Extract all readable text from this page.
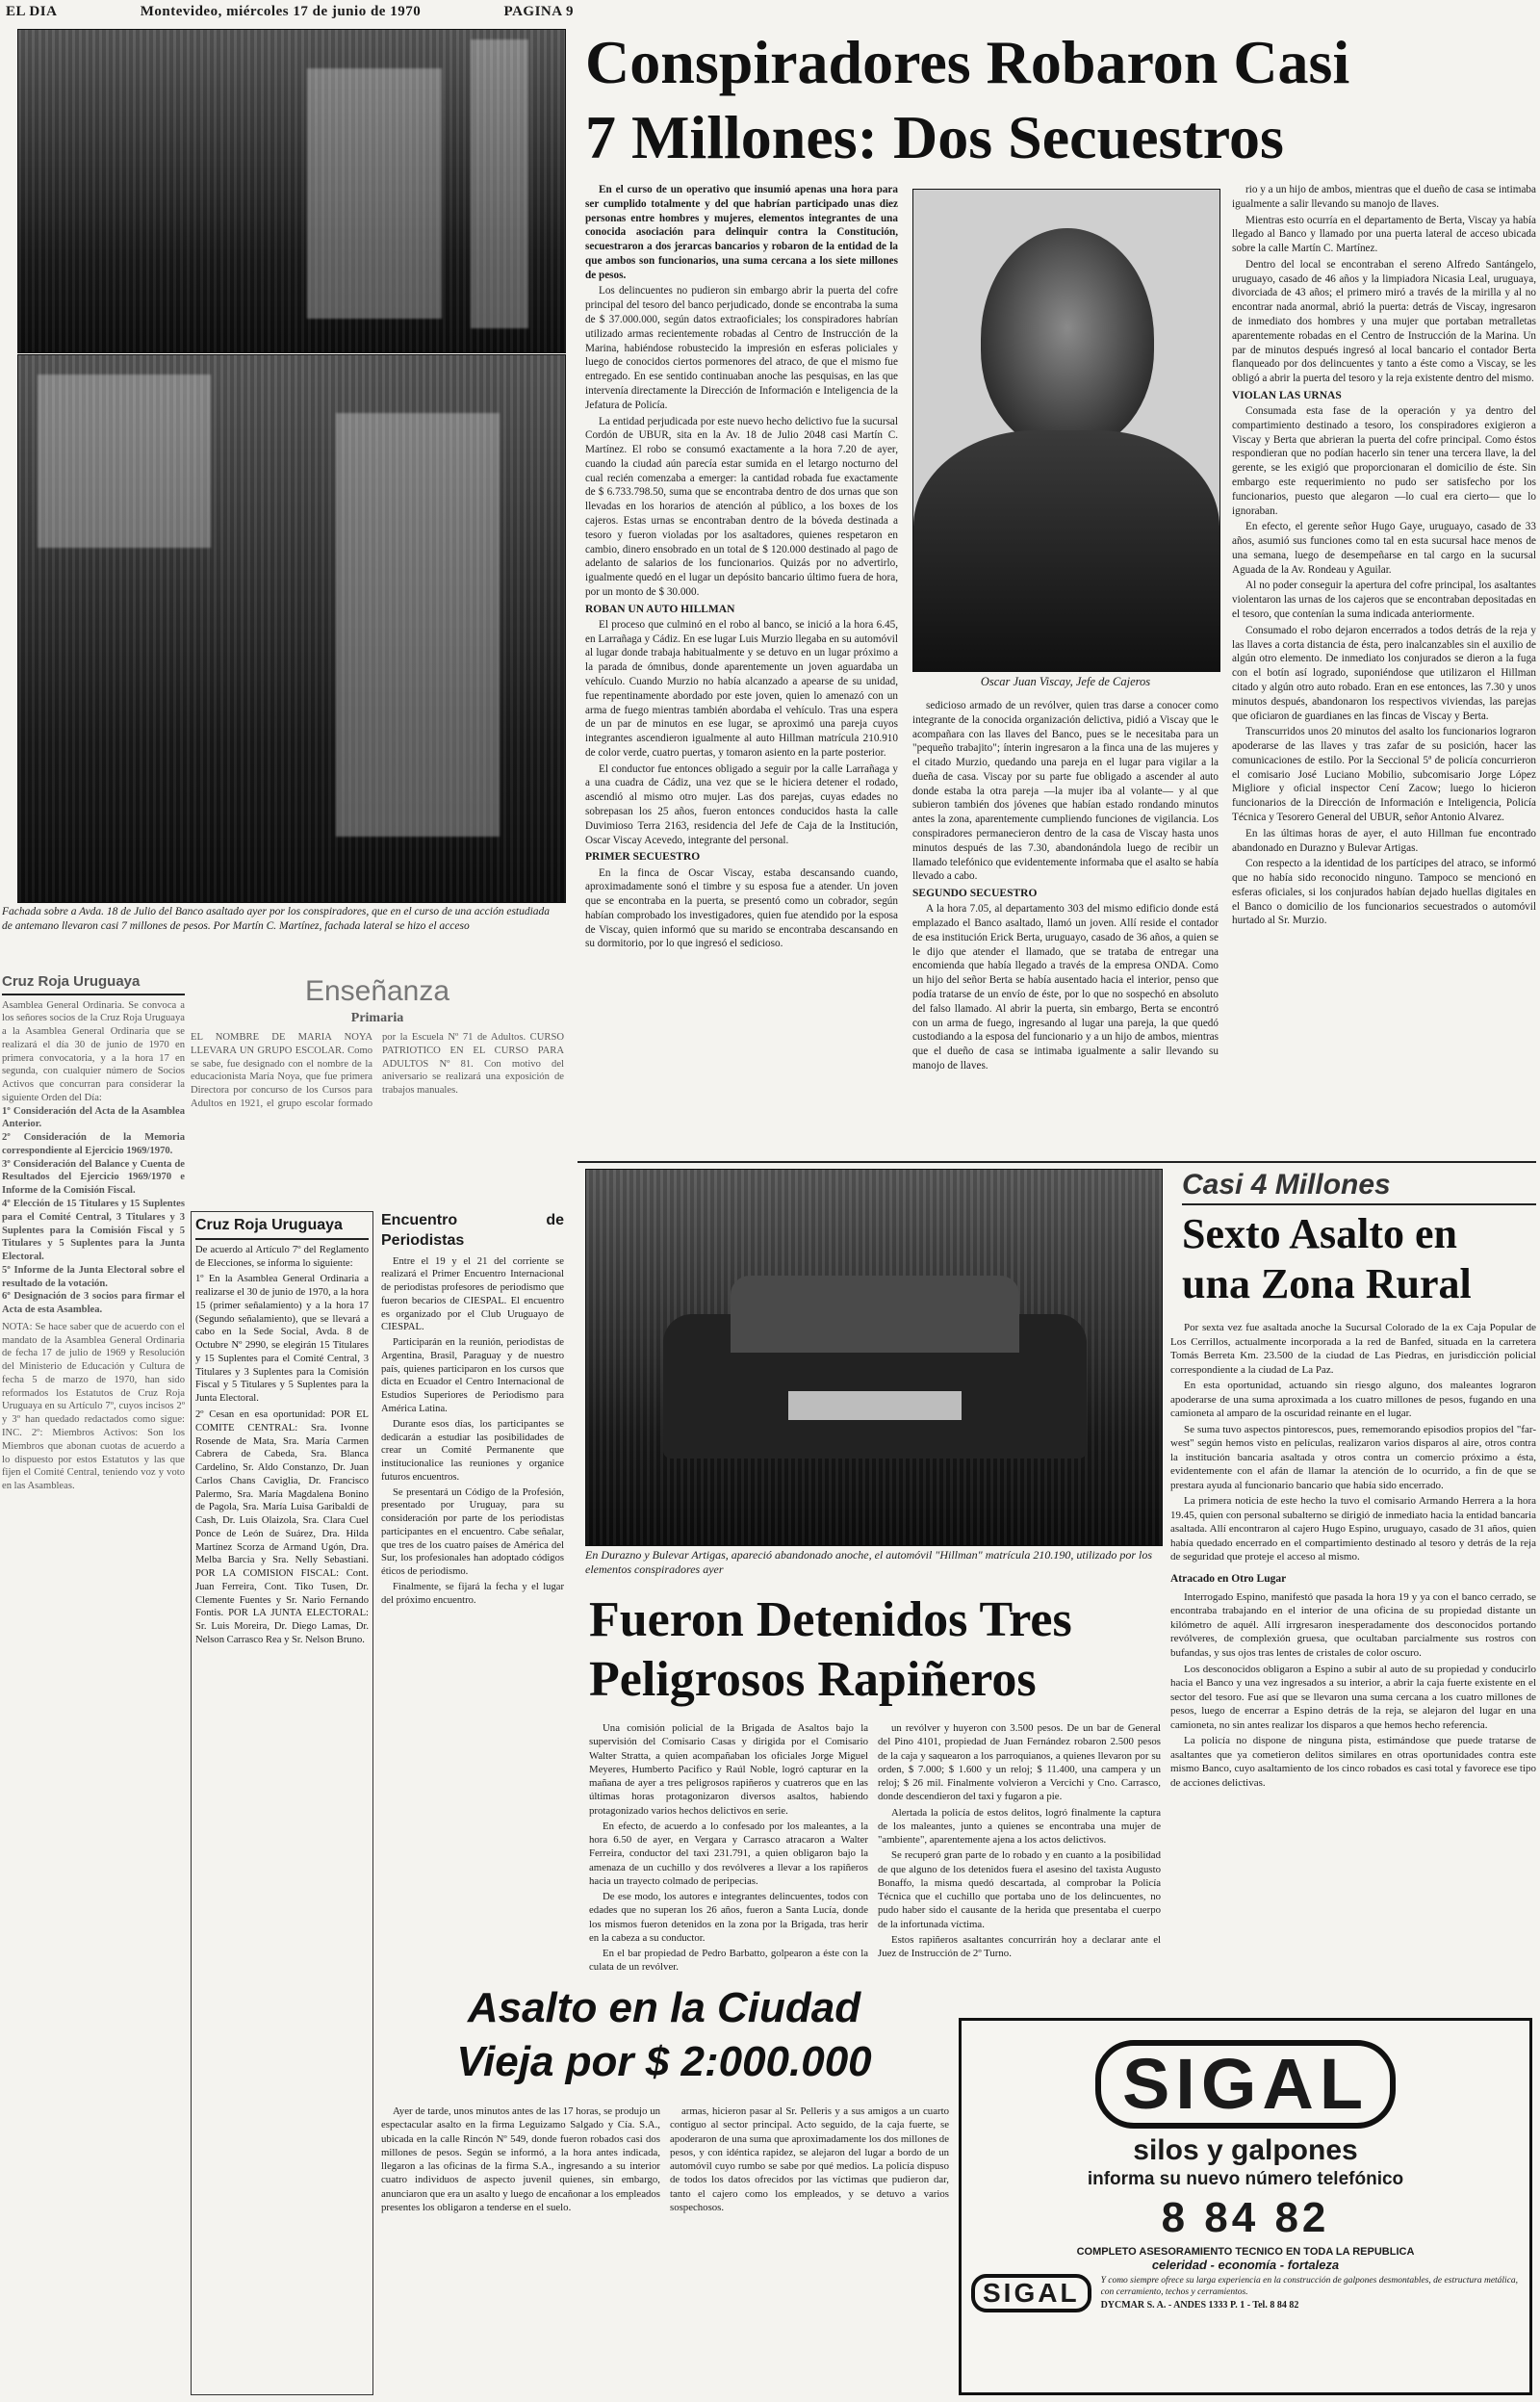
EL DIA	Montevideo, miércoles 17 de junio de 1970	PAGINA 9
Fachada sobre a Avda. 18 de Julio del Banco asaltado ayer por los conspiradores, que en el curso de una acción estudiada de antemano llevaron casi 7 millones de pesos. Por Martín C. Martínez, fachada lateral se hizo el acceso
Cruz Roja Uruguaya
Asamblea General Ordinaria. Se convoca a los señores socios de la Cruz Roja Uruguaya a la Asamblea General Ordinaria que se realizará el día 30 de junio de 1970 en primera convocatoria, y a la hora 17 en segunda, con cualquier número de Socios Activos que concurran para considerar la siguiente Orden del Día:
1º Consideración del Acta de la Asamblea Anterior.
2º Consideración de la Memoria correspondiente al Ejercicio 1969/1970.
3º Consideración del Balance y Cuenta de Resultados del Ejercicio 1969/1970 e Informe de la Comisión Fiscal.
4º Elección de 15 Titulares y 15 Suplentes para el Comité Central, 3 Titulares y 3 Suplentes para la Comisión Fiscal y 5 Titulares y 5 Suplentes para la Junta Electoral.
5º Informe de la Junta Electoral sobre el resultado de la votación.
6º Designación de 3 socios para firmar el Acta de esta Asamblea.
NOTA: Se hace saber que de acuerdo con el mandato de la Asamblea General Ordinaria de fecha 17 de julio de 1969 y Resolución del Ministerio de Educación y Cultura de fecha 5 de marzo de 1970, han sido reformados los Estatutos de Cruz Roja Uruguaya en su Artículo 7º, cuyos incisos 2º y 3º han quedado redactados como sigue: INC. 2º: Miembros Activos: Son los Miembros que abonan cuotas de acuerdo a lo dispuesto por estos Estatutos y las que fijen el Comité Central, teniendo voz y voto en las Asambleas.
Enseñanza
Primaria
EL NOMBRE DE MARIA NOYA LLEVARA UN GRUPO ESCOLAR. Como se sabe, fue designado con el nombre de la educacionista María Noya, que fue primera Directora por concurso de los Cursos para Adultos en 1921, el grupo escolar formado por la Escuela Nº 71 de Adultos. CURSO PATRIOTICO EN EL CURSO PARA ADULTOS Nº 81. Con motivo del aniversario se realizará una exposición de trabajos manuales.
Cruz Roja Uruguaya
De acuerdo al Artículo 7º del Reglamento de Elecciones, se informa lo siguiente:
1º En la Asamblea General Ordinaria a realizarse el 30 de junio de 1970, a la hora 15 (primer señalamiento) y a la hora 17 (Segundo señalamiento), que se llevará a cabo en la Sede Social, Avda. 8 de Octubre Nº 2990, se elegirán 15 Titulares y 15 Suplentes para el Comité Central, 3 Titulares y 3 Suplentes para la Comisión Fiscal y 5 Titulares y 5 Suplentes para la Junta Electoral.
2º Cesan en esa oportunidad: POR EL COMITE CENTRAL: Sra. Ivonne Rosende de Mata, Sra. María Carmen Cabrera de Cabeda, Sra. Blanca Cardelino, Sr. Aldo Constanzo, Dr. Juan Carlos Chans Caviglia, Dr. Francisco Palermo, Sra. María Magdalena Bonino de Pagola, Sra. María Luisa Garibaldi de Cash, Dr. Luis Olaizola, Sra. Clara Cuel Ponce de León de Suárez, Dra. Hilda Martínez Scorza de Armand Ugón, Dra. Melba Barcia y Sra. Nelly Sebastiani. POR LA COMISION FISCAL: Cont. Juan Ferreira, Cont. Tiko Tusen, Dr. Clemente Fuentes y Sr. Nario Fernando Fontis. POR LA JUNTA ELECTORAL: Sr. Luis Moreira, Dr. Diego Lamas, Dr. Nelson Carrasco Rea y Sr. Nelson Bruno.
Encuentro de Periodistas

Entre el 19 y el 21 del corriente se realizará el Primer Encuentro Internacional de periodistas profesores de periodismo que fueron becarios de CIESPAL. El encuentro es organizado por el Club Uruguayo de CIESPAL.

Participarán en la reunión, periodistas de Argentina, Brasil, Paraguay y de nuestro país, quienes participaron en los cursos que dicta en Ecuador el Centro Internacional de Estudios Superiores de Periodismo para América Latina.

Durante esos días, los participantes se dedicarán a estudiar las posibilidades de crear un Comité Permanente que institucionalice las reuniones y organice futuros encuentros.

Se presentará un Código de la Profesión, presentado por Uruguay, para su consideración por parte de los periodistas participantes en el encuentro. Cabe señalar, que tres de los cuatro países de América del Sur, los profesionales han adoptado códigos éticos de periodismo.

Finalmente, se fijará la fecha y el lugar del próximo encuentro.

Conspiradores Robaron Casi
7 Millones: Dos Secuestros

En el curso de un operativo que insumió apenas una hora para ser cumplido totalmente y del que habrían participado unas diez personas entre hombres y mujeres, elementos integrantes de una conocida asociación para delinquir contra la Constitución, secuestraron a dos jerarcas bancarios y robaron de la entidad de la que ambos son funcionarios, una suma cercana a los siete millones de pesos.

Los delincuentes no pudieron sin embargo abrir la puerta del cofre principal del tesoro del banco perjudicado, donde se encontraba la suma de $ 37.000.000, según datos extraoficiales; los conspiradores habrían utilizado armas recientemente robadas al Centro de Instrucción de la Marina, habiéndose robustecido la impresión en esferas policiales y luego de conocidos ciertos pormenores del atraco, de que el mismo fue entregado. En ese sentido continuaban anoche las pesquisas, en las que intervenía directamente la Dirección de Información e Inteligencia de la Jefatura de Policía.

La entidad perjudicada por este nuevo hecho delictivo fue la sucursal Cordón de UBUR, sita en la Av. 18 de Julio 2048 casi Martín C. Martínez. El robo se consumó exactamente a la hora 7.20 de ayer, cuando la ciudad aún parecía estar sumida en el letargo nocturno del cual recién comenzaba a emerger: la cantidad robada fue exactamente de $ 6.733.798.50, suma que se encontraba dentro de dos urnas que son llevadas en los horarios de atención al público, a los boxes de los cajeros. Estas urnas se encontraban dentro de la bóveda destinada a tesoro y fueron violadas por los asaltadores, quienes respetaron en cambio, dinero ensobrado en un total de $ 120.000 destinado al pago de adelanto de salarios de los funcionarios. Quizás por no advertirlo, igualmente quedó en el lugar un depósito bancario último fuera de hora, por un monto de $ 30.000.

ROBAN UN AUTO HILLMAN

El proceso que culminó en el robo al banco, se inició a la hora 6.45, en Larrañaga y Cádiz. En ese lugar Luis Murzio llegaba en su automóvil al lugar donde trabaja habitualmente y se detuvo en un lugar próximo a la parada de ómnibus, donde aparentemente un joven aguardaba un vehículo. Cuando Murzio no había alcanzado a apearse de su unidad, fue repentinamente abordado por este joven, quien lo amenazó con un arma de fuego mientras también abordaba el vehículo. Tras una espera de un par de minutos en ese lugar, se aproximó una pareja cuyos integrantes ascendieron igualmente al auto Hillman matrícula 210.910 de color verde, cuatro puertas, y tomaron asiento en la parte posterior.

El conductor fue entonces obligado a seguir por la calle Larrañaga y a una cuadra de Cádiz, una vez que se le hiciera detener el rodado, ascendió al mismo otro mujer. Las dos parejas, cuyas edades no sobrepasan los 25 años, fueron entonces conducidos hasta la calle Duvimioso Terra 2163, residencia del Jefe de Caja de la Institución, Oscar Viscay Acevedo, integrante del personal.

PRIMER SECUESTRO

En la finca de Oscar Viscay, estaba descansando cuando, aproximadamente sonó el timbre y su esposa fue a atender. Un joven que se encontraba en la puerta, se presentó como un cobrador, según habían comprobado los investigadores, quien fue atendido por la esposa de Viscay, quien informó que su marido se encontraba descansando en su dormitorio, por lo que ingresó el sedicioso.

Oscar Juan Viscay, Jefe de Cajeros

sedicioso armado de un revólver, quien tras darse a conocer como integrante de la conocida organización delictiva, pidió a Viscay que le acompañara con las llaves del Banco, pues se le necesitaba para un "pequeño trabajito"; ínterin ingresaron a la finca una de las mujeres y el citado Murzio, quedando una pareja en el lugar para vigilar a la dueña de casa. Viscay por su parte fue obligado a ascender al auto donde estaba la otra pareja —la mujer iba al volante— y al que subieron también dos jóvenes que habían estado rondando minutos antes la zona, aparentemente cumpliendo funciones de vigilancia. Los conspiradores permanecieron dentro de la casa de Viscay hasta unos minutos después de las 7.30, abandonándola luego de recibir un llamado telefónico que evidentemente informaba que el asalto se había llevado a cabo.

SEGUNDO SECUESTRO

A la hora 7.05, al departamento 303 del mismo edificio donde está emplazado el Banco asaltado, llamó un joven. Allí reside el contador de esa institución Erick Berta, uruguayo, casado de 36 años, a quien se le dijo que atender el llamado, que se trataba de entregar una encomienda que había llegado a través de la empresa ONDA. Como un hijo del señor Berta se había ausentado hacia el interior, penso que podía tratarse de un envío de éste, por lo que no sospechó en absoluto del falso llamado. Al abrir la puerta, sin embargo, Berta se encontró con un arma de fuego, ingresando al lugar una pareja, la que quedó custodiando a la esposa del funcionario y a un hijo de ambos, mientras que el dueño de casa se intimaba igualmente a salir llevando su manojo de llaves.

rio y a un hijo de ambos, mientras que el dueño de casa se intimaba igualmente a salir llevando su manojo de llaves.

Mientras esto ocurría en el departamento de Berta, Viscay ya había llegado al Banco y llamado por una puerta lateral de acceso ubicada sobre la calle Martín C. Martínez.

Dentro del local se encontraban el sereno Alfredo Santángelo, uruguayo, casado de 46 años y la limpiadora Nicasia Leal, uruguaya, divorciada de 43 años; el primero miró a través de la mirilla y al no encontrar nada anormal, abrió la puerta: detrás de Viscay, ingresaron de inmediato dos hombres y una mujer que portaban metralletas aparentemente robadas en el Centro de Instrucción de la Marina. Un par de minutos después ingresó al local bancario el contador Berta flanqueado por dos delincuentes y tanto a éste como a Viscay, se les obligó a abrir la puerta del tesoro y la reja existente dentro del mismo.

VIOLAN LAS URNAS

Consumada esta fase de la operación y ya dentro del compartimiento destinado a tesoro, los conspiradores exigieron a Viscay y Berta que abrieran la puerta del cofre principal. Como éstos respondieran que no podían hacerlo sin tener una tercera llave, la del gerente, se les exigió que proporcionaran el domicilio de éste. Sin embargo este requerimiento no pudo ser satisfecho por los funcionarios, puesto que alegaron —lo cual era cierto— que lo ignoraban.

En efecto, el gerente señor Hugo Gaye, uruguayo, casado de 33 años, asumió sus funciones como tal en esta sucursal hace menos de una semana, luego de desempeñarse en tal cargo en la sucursal Aguada de la Av. Rondeau y Aguilar.

Al no poder conseguir la apertura del cofre principal, los asaltantes violentaron las urnas de los cajeros que se encontraban depositadas en el tesoro, que contenían la suma indicada anteriormente.

Consumado el robo dejaron encerrados a todos detrás de la reja y las llaves a corta distancia de ésta, pero inalcanzables sin el auxilio de algún otro elemento. De inmediato los conjurados se dieron a la fuga con el botín así logrado, suponiéndose que utilizaron el Hillman citado y algún otro auto robado. Eran en ese entonces, las 7.30 y unos minutos después, abandonaron los respectivos viviendas, las parejas que oficiaron de guardianes en las fincas de Viscay y Berta.

Transcurridos unos 20 minutos del asalto los funcionarios lograron apoderarse de las llaves y tras zafar de su posición, hacer las comunicaciones de estilo. Por la Seccional 5ª de policía concurrieron el comisario José Luciano Mobilio, subcomisario Jorge López Migliore y oficial inspector Cení Zacow; luego lo hicieron funcionarios de la Dirección de Información e Inteligencia, Policía Técnica y Tesorero General del UBUR, señor Antonio Alvarez.

En las últimas horas de ayer, el auto Hillman fue encontrado abandonado en Durazno y Bulevar Artigas.

Con respecto a la identidad de los partícipes del atraco, se informó que no había sido reconocido ninguno. Tampoco se mencionó en esferas oficiales, si los conjurados habían dejado huellas digitales en el Banco o domicilio de los funcionarios secuestrados o automóvil hurtado al Sr. Murzio.

En Durazno y Bulevar Artigas, apareció abandonado anoche, el automóvil "Hillman" matrícula 210.190, utilizado por los elementos conspiradores ayer
Fueron Detenidos Tres
Peligrosos Rapiñeros

Una comisión policial de la Brigada de Asaltos bajo la supervisión del Comisario Casas y dirigida por el Comisario Walter Stratta, a quien acompañaban los oficiales Jorge Miguel Meyeres, Humberto Pacifico y Raúl Noble, logró capturar en la mañana de ayer a tres peligrosos rapiñeros y cuatreros que en las últimas horas protagonizaron diversos asaltos, habiendo protagonizado varios hechos delictivos en serie.

En efecto, de acuerdo a lo confesado por los maleantes, a la hora 6.50 de ayer, en Vergara y Carrasco atracaron a Walter Ferreira, conductor del taxi 231.791, a quien obligaron bajo la amenaza de un cuchillo y dos revólveres a llevar a los rapiñeros hacia un trayecto colmado de peripecias.

De ese modo, los autores e integrantes delincuentes, todos con edades que no superan los 26 años, fueron a Santa Lucía, donde los mismos fueron detenidos en la zona por la Brigada, tras herir en la cabeza a su conductor.

En el bar propiedad de Pedro Barbatto, golpearon a éste con la culata de un revólver.

un revólver y huyeron con 3.500 pesos. De un bar de General del Pino 4101, propiedad de Juan Fernández robaron 2.500 pesos de la caja y saquearon a los parroquianos, a quienes llevaron por su orden, $ 7.000; $ 1.600 y un reloj; $ 11.400, una campera y un reloj; $ 26 mil. Finalmente volvieron a Vercichi y Cno. Carrasco, donde descendieron del taxi y fugaron a pie.

Alertada la policía de estos delitos, logró finalmente la captura de los maleantes, junto a quienes se encontraba una mujer de "ambiente", aparentemente ajena a los actos delictivos.

Se recuperó gran parte de lo robado y en cuanto a la posibilidad de que alguno de los detenidos fuera el asesino del taxista Augusto Bonaffo, la misma quedó descartada, al comprobar la Policía Técnica que el cuchillo que portaba uno de los delincuentes, no pudo haber sido el causante de la herida que presentaba el cuerpo de la infortunada víctima.

Estos rapiñeros asaltantes concurrirán hoy a declarar ante el Juez de Instrucción de 2º Turno.

Casi 4 Millones
Sexto Asalto en
una Zona Rural

Por sexta vez fue asaltada anoche la Sucursal Colorado de la ex Caja Popular de Los Cerrillos, actualmente incorporada a la red de Banfed, situada en la carretera Tomás Berreta Km. 23.500 de la ciudad de Las Piedras, en jurisdicción policial correspondiente a la ciudad de La Paz.

En esta oportunidad, actuando sin riesgo alguno, dos maleantes lograron apoderarse de una suma aproximada a los cuatro millones de pesos, fugando en una camioneta al amparo de la oscuridad reinante en el lugar.

Se suma tuvo aspectos pintorescos, pues, rememorando episodios propios del "far-west" según hemos visto en películas, realizaron varios disparos al aire, otros contra la institución bancaria asaltada y otros contra un comercio próximo a ésta, evidentemente con el afán de llamar la atención de lo ocurrido, a fin de que se prestara ayuda al funcionario bancario que había sido encerrado.

La primera noticia de este hecho la tuvo el comisario Armando Herrera a la hora 19.45, quien con personal subalterno se dirigió de inmediato hacia la entidad bancaria asaltada. Allí encontraron al cajero Hugo Espino, uruguayo, casado de 31 años, quien había quedado encerrado en el compartimiento destinado al tesoro y detrás de la reja de seguridad que proteje el acceso al mismo.

Atracado en Otro Lugar

Interrogado Espino, manifestó que pasada la hora 19 y ya con el banco cerrado, se encontraba trabajando en el interior de una oficina de su propiedad distante un kilómetro de aquél. Allí irrgresaron inesperadamente dos desconocidos portando revólveres, de complexión gruesa, que ocultaban parcialmente sus rostros con bufandas, y sus ojos tras lentes de cristales de color oscuro.

Los desconocidos obligaron a Espino a subir al auto de su propiedad y conducirlo hacia el Banco y una vez ingresados a su interior, a abrir la caja fuerte existente en el sector del tesoro. Fue así que se llevaron una suma cercana a los cuatro millones de pesos, luego de encerrar a Espino detrás de la reja, se alejaron del lugar en una camioneta, no sin antes realizar los disparos a que hemos hecho referencia.

La policía no dispone de ninguna pista, estimándose que puede tratarse de asaltantes que ya cometieron delitos similares en otras oportunidades contra este mismo Banco, cuyo asaltamiento de los cinco robados es casi total y favorece ese tipo de acciones delictivas.

Asalto en la Ciudad
Vieja por $ 2:000.000
Ayer de tarde, unos minutos antes de las 17 horas, se produjo un espectacular asalto en la firma Leguizamo Salgado y Cía. S.A., ubicada en la calle Rincón Nº 549, donde fueron robados casi dos millones de pesos. Según se informó, a la hora antes indicada, llegaron a las oficinas de la firma S.A., ingresando a su interior cuatro individuos de aspecto juvenil quienes, sin embargo, anunciaron que era un asalto y luego de encañonar a los empleados presentes los obligaron a tenderse en el suelo.
armas, hicieron pasar al Sr. Pelleris y a sus amigos a un cuarto contiguo al sector principal. Acto seguido, de la caja fuerte, se apoderaron de una suma que aproximadamente los dos millones de pesos, y con idéntica rapidez, se alejaron del lugar a bordo de un automóvil cuyo rumbo se sabe por qué medios. La policía dispuso de todos los datos ofrecidos por las víctimas que pudieron dar, tanto el cajero como los empleados, y se detuvo a varios sospechosos.
SIGAL
silos y galpones
informa su nuevo número telefónico
8 84 82
COMPLETO ASESORAMIENTO TECNICO EN TODA LA REPUBLICA
celeridad - economía - fortaleza
SIGAL	Y como siempre ofrece su larga experiencia en la construcción de galpones desmontables, de estructura metálica, con cerramiento, techos y cerramientos.
DYCMAR S. A. - ANDES 1333 P. 1 - Tel. 8 84 82
